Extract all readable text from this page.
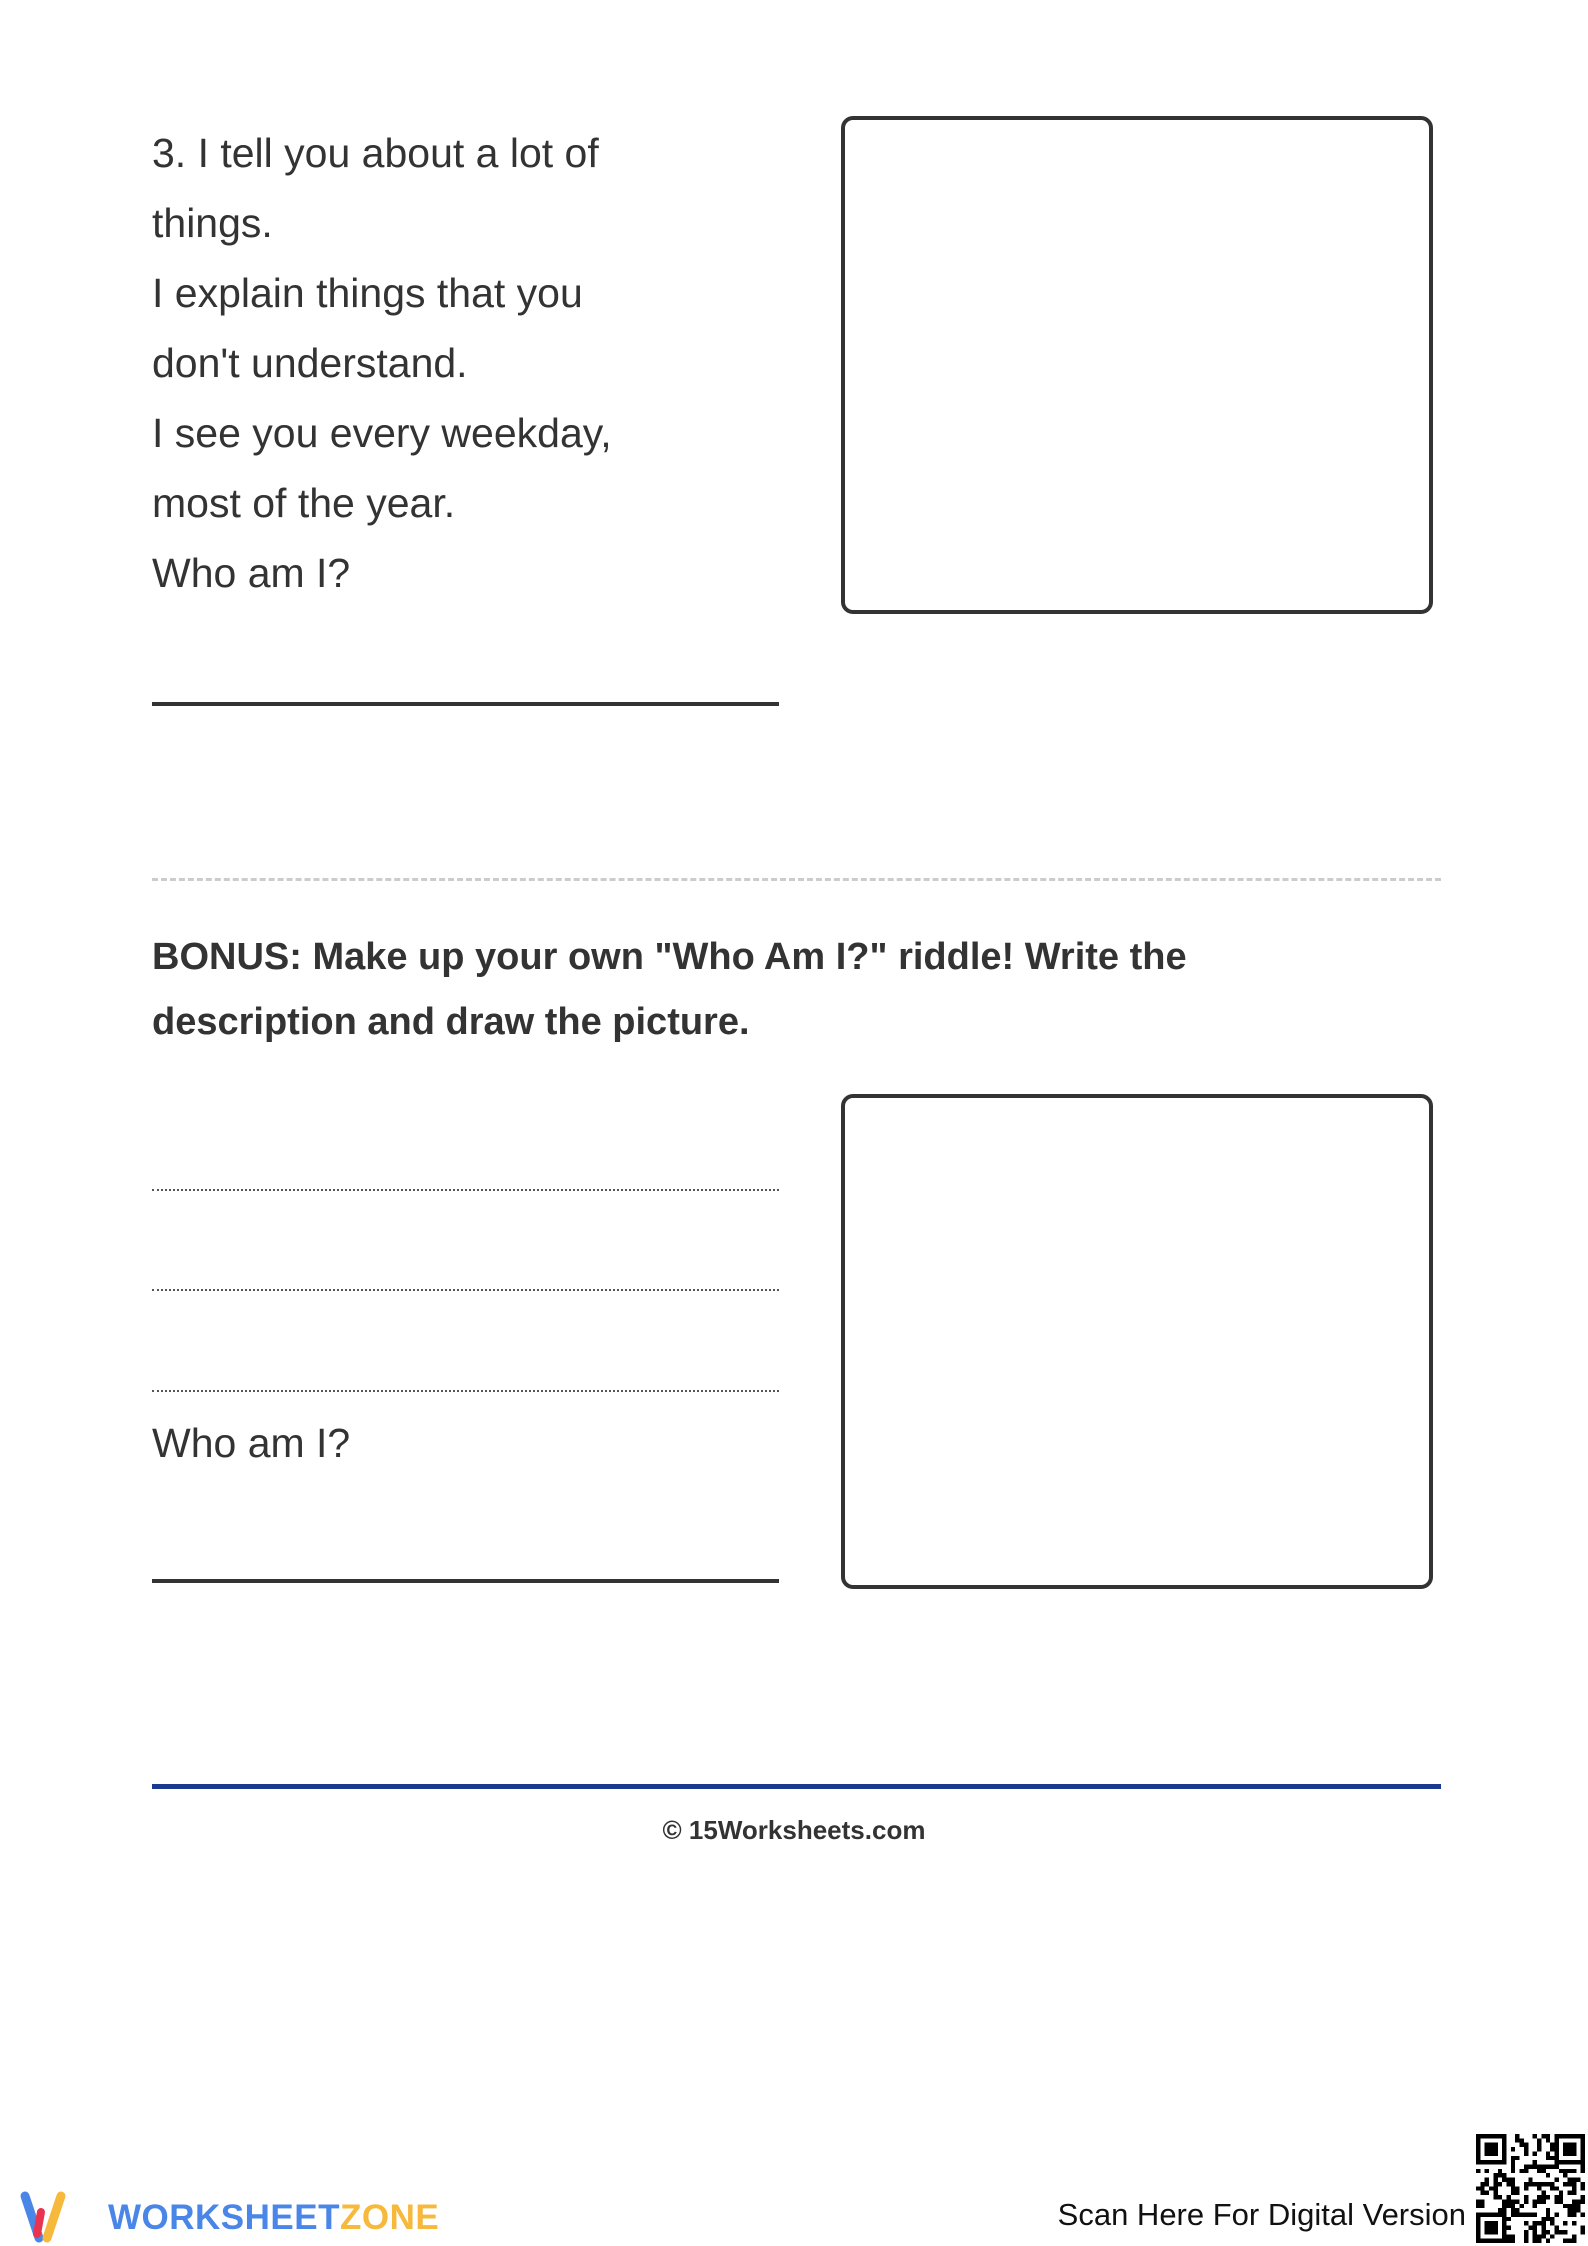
3. I tell you about a lot of
things.
I explain things that you
don't understand.
I see you every weekday,
most of the year.
Who am I?
BONUS: Make up your own "Who Am I?" riddle! Write the
description and draw the picture.
Who am I?
© 15Worksheets.com
WORKSHEETZONE	Scan Here For Digital Version
